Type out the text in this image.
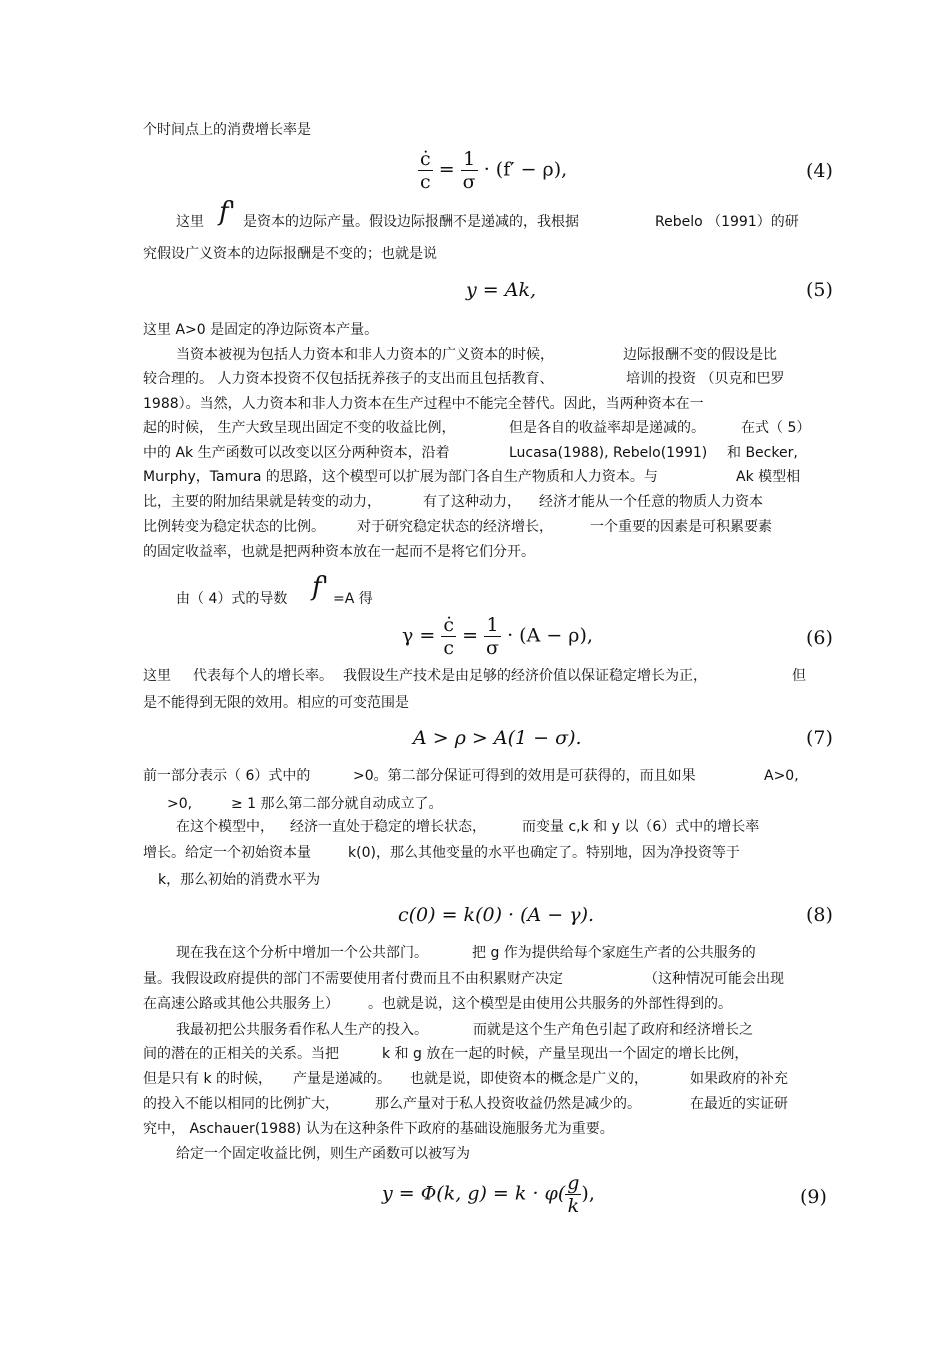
个时间点上的消费增长率是
$\frac{ċ}{c} = \frac{1}{\sigma} \cdot (f' - \rho)$,	(4)
这里 f' 是资本的边际产量。假设边际报酬不是递减的，我根据	Rebelo （1991）的研
究假设广义资本的边际报酬是不变的；也就是说
y = Ak,	(5)
这里 A>0 是固定的净边际资本产量。
当资本被视为包括人力资本和非人力资本的广义资本的时候，	边际报酬不变的假设是比
较合理的。 人力资本投资不仅包括抚养孩子的支出而且包括教育、	培训的投资 （贝克和巴罗
1988）。当然，人力资本和非人力资本在生产过程中不能完全替代。因此，当两种资本在一
起的时候， 生产大致呈现出固定不变的收益比例，	但是各自的收益率却是递减的。	在式（ 5）
中的 Ak 生产函数可以改变以区分两种资本，沿着	Lucasa(1988), Rebelo(1991) 和 Becker,
Murphy，Tamura 的思路，这个模型可以扩展为部门各自生产物质和人力资本。与	Ak 模型相
比，主要的附加结果就是转变的动力，	有了这种动力， 经济才能从一个任意的物质人力资本
比例转变为稳定状态的比例。 对于研究稳定状态的经济增长，	一个重要的因素是可积累要素
的固定收益率，也就是把两种资本放在一起而不是将它们分开。
由（ 4）式的导数 f' =A 得
$\gamma = \frac{ċ}{c} = \frac{1}{\sigma} \cdot (A - \rho)$,	(6)
这里 代表每个人的增长率。 我假设生产技术是由足够的经济价值以保证稳定增长为正，	但
是不能得到无限的效用。相应的可变范围是
A > ρ > A(1 − σ).	(7)
前一部分表示（ 6）式中的	>0。第二部分保证可得到的效用是可获得的，而且如果	A>0,
>0,	≥ 1 那么第二部分就自动成立了。
在这个模型中， 经济一直处于稳定的增长状态，	而变量 c,k 和 y 以（6）式中的增长率
增长。给定一个初始资本量	k(0)，那么其他变量的水平也确定了。特别地，因为净投资等于
k，那么初始的消费水平为
c(0) = k(0) · (A − γ).	(8)
现在我在这个分析中增加一个公共部门。	把 g 作为提供给每个家庭生产者的公共服务的
量。我假设政府提供的部门不需要使用者付费而且不由积累财产决定	（这种情况可能会出现
在高速公路或其他公共服务上） 。也就是说，这个模型是由使用公共服务的外部性得到的。
我最初把公共服务看作私人生产的投入。	而就是这个生产角色引起了政府和经济增长之
间的潜在的正相关的关系。当把	k 和 g 放在一起的时候，产量呈现出一个固定的增长比例，
但是只有 k 的时候， 产量是递减的。 也就是说，即使资本的概念是广义的，	如果政府的补充
的投入不能以相同的比例扩大，	那么产量对于私人投资收益仍然是减少的。	在最近的实证研
究中， Aschauer(1988) 认为在这种条件下政府的基础设施服务尤为重要。
给定一个固定收益比例，则生产函数可以被写为
y = Φ(k, $g) = k \cdot \varphi( \frac{g}{k}$ ),	(9)
